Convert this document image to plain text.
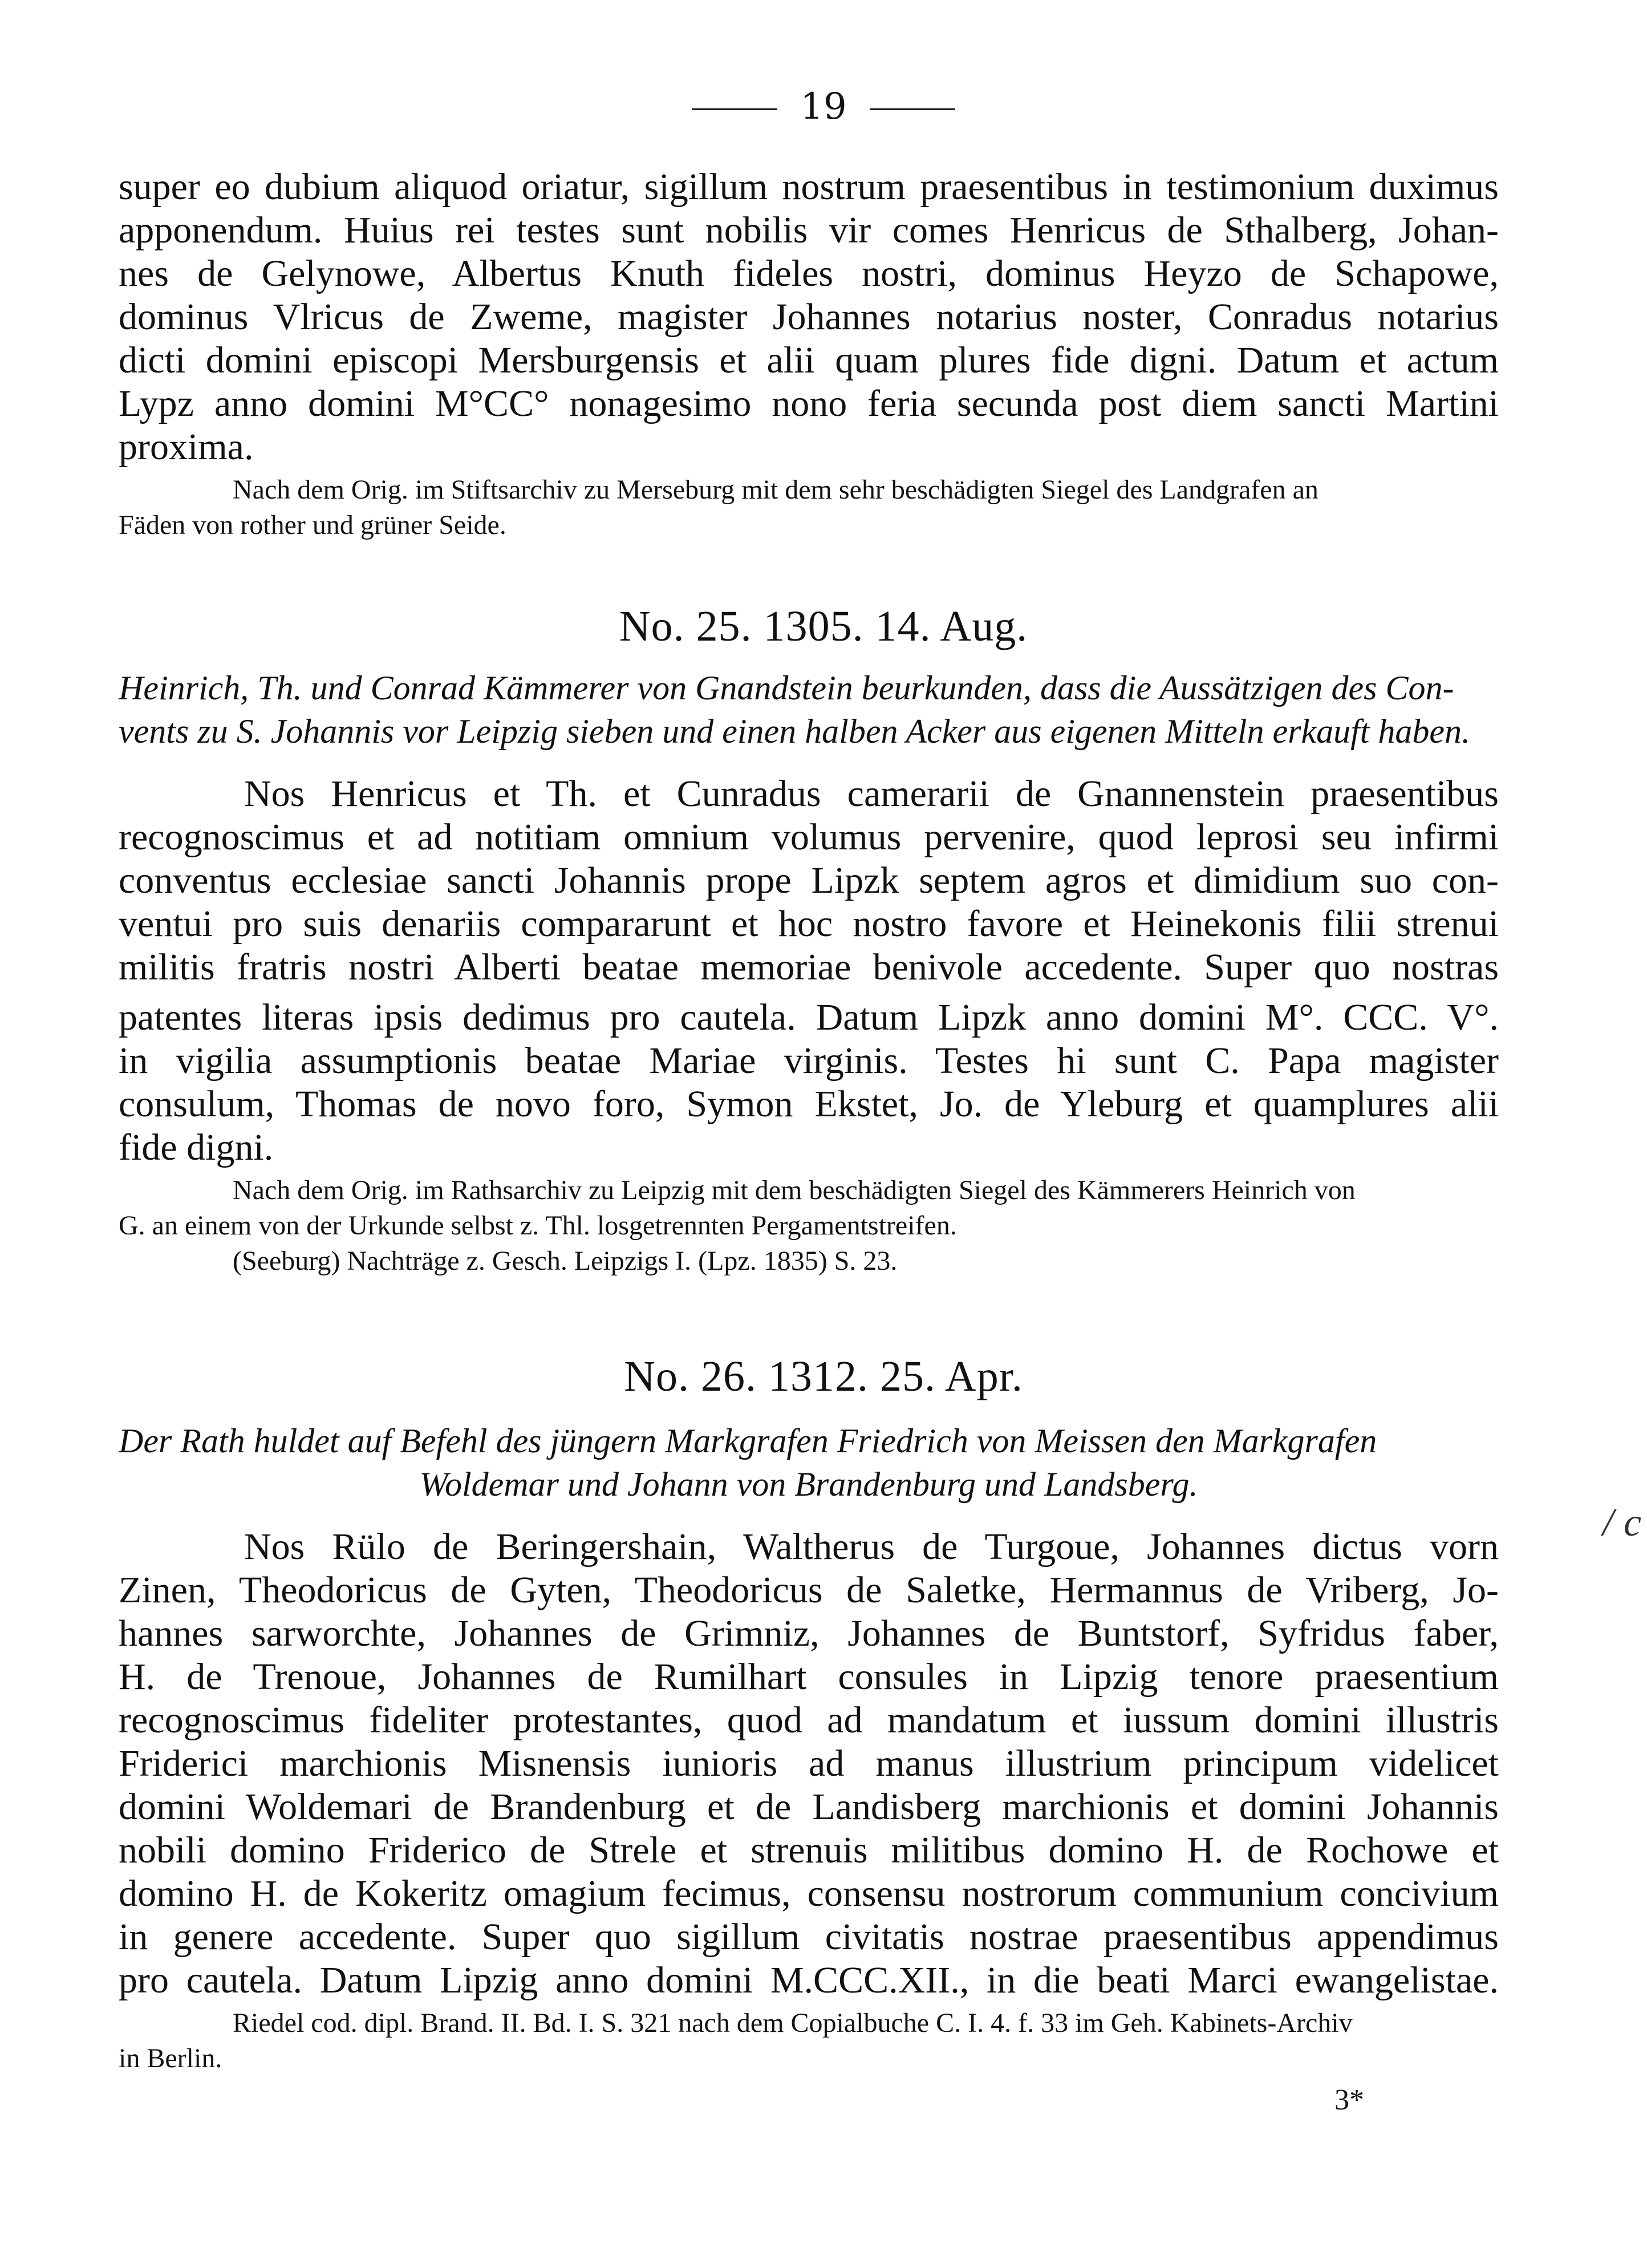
19
super eo dubium aliquod oriatur, sigillum nostrum praesentibus in testimonium duximus
apponendum. Huius rei testes sunt nobilis vir comes Henricus de Sthalberg, Johan-
nes de Gelynowe, Albertus Knuth fideles nostri, dominus Heyzo de Schapowe,
dominus Vlricus de Zweme, magister Johannes notarius noster, Conradus notarius
dicti domini episcopi Mersburgensis et alii quam plures fide digni. Datum et actum
Lypz anno domini M°CC° nonagesimo nono feria secunda post diem sancti Martini
proxima.
Nach dem Orig. im Stiftsarchiv zu Merseburg mit dem sehr beschädigten Siegel des Landgrafen an
Fäden von rother und grüner Seide.
No. 25. 1305. 14. Aug.
Heinrich, Th. und Conrad Kämmerer von Gnandstein beurkunden, dass die Aussätzigen des Con-
vents zu S. Johannis vor Leipzig sieben und einen halben Acker aus eigenen Mitteln erkauft haben.
Nos Henricus et Th. et Cunradus camerarii de Gnannenstein praesentibus
recognoscimus et ad notitiam omnium volumus pervenire, quod leprosi seu infirmi
conventus ecclesiae sancti Johannis prope Lipzk septem agros et dimidium suo con-
ventui pro suis denariis compararunt et hoc nostro favore et Heinekonis filii strenui
militis fratris nostri Alberti beatae memoriae benivole accedente. Super quo nostras
patentes literas ipsis dedimus pro cautela. Datum Lipzk anno domini M°. CCC. V°.
in vigilia assumptionis beatae Mariae virginis. Testes hi sunt C. Papa magister
consulum, Thomas de novo foro, Symon Ekstet, Jo. de Yleburg et quamplures alii
fide digni.
Nach dem Orig. im Rathsarchiv zu Leipzig mit dem beschädigten Siegel des Kämmerers Heinrich von
G. an einem von der Urkunde selbst z. Thl. losgetrennten Pergamentstreifen.
(Seeburg) Nachträge z. Gesch. Leipzigs I. (Lpz. 1835) S. 23.
No. 26. 1312. 25. Apr.
Der Rath huldet auf Befehl des jüngern Markgrafen Friedrich von Meissen den Markgrafen
Woldemar und Johann von Brandenburg und Landsberg.
Nos Rülo de Beringershain, Waltherus de Turgoue, Johannes dictus vorn
Zinen, Theodoricus de Gyten, Theodoricus de Saletke, Hermannus de Vriberg, Jo-
hannes sarworchte, Johannes de Grimniz, Johannes de Buntstorf, Syfridus faber,
H. de Trenoue, Johannes de Rumilhart consules in Lipzig tenore praesentium
recognoscimus fideliter protestantes, quod ad mandatum et iussum domini illustris
Friderici marchionis Misnensis iunioris ad manus illustrium principum videlicet
domini Woldemari de Brandenburg et de Landisberg marchionis et domini Johannis
nobili domino Friderico de Strele et strenuis militibus domino H. de Rochowe et
domino H. de Kokeritz omagium fecimus, consensu nostrorum communium concivium
in genere accedente. Super quo sigillum civitatis nostrae praesentibus appendimus
pro cautela. Datum Lipzig anno domini M.CCC.XII., in die beati Marci ewangelistae.
Riedel cod. dipl. Brand. II. Bd. I. S. 321 nach dem Copialbuche C. I. 4. f. 33 im Geh. Kabinets-Archiv
in Berlin.
3*
/ c
